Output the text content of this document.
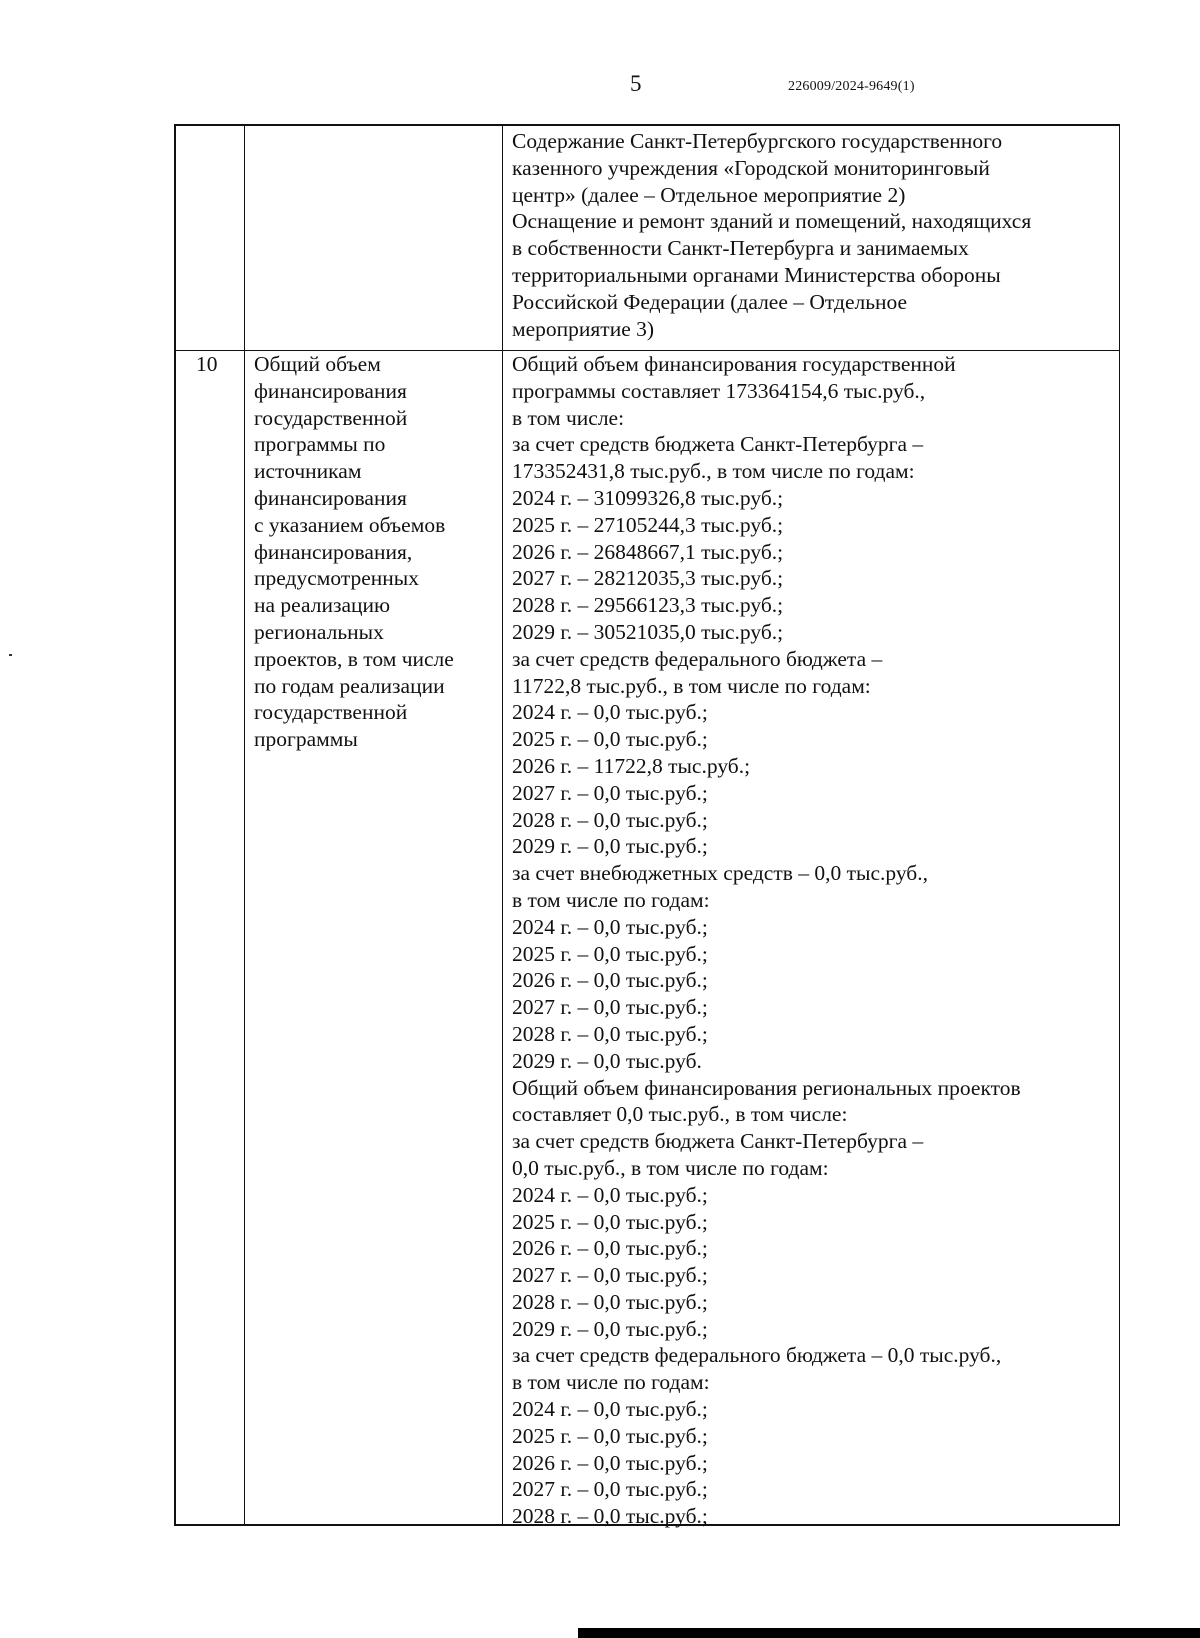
5	226009/2024-9649(1)
Содержание Санкт-Петербургского государственного
казенного учреждения «Городской мониторинговый
центр» (далее – Отдельное мероприятие 2)
Оснащение и ремонт зданий и помещений, находящихся
в собственности Санкт-Петербурга и занимаемых
территориальными органами Министерства обороны
Российской Федерации (далее – Отдельное
мероприятие 3)
10 Общий объем
финансирования
государственной
программы по
источникам
финансирования
с указанием объемов
финансирования,
предусмотренных
на реализацию
региональных
проектов, в том числе
по годам реализации
государственной
программы
Общий объем финансирования государственной
программы составляет 173364154,6 тыс.руб.,
в том числе:
за счет средств бюджета Санкт-Петербурга –
173352431,8 тыс.руб., в том числе по годам:
2024 г. – 31099326,8 тыс.руб.;
2025 г. – 27105244,3 тыс.руб.;
2026 г. – 26848667,1 тыс.руб.;
2027 г. – 28212035,3 тыс.руб.;
2028 г. – 29566123,3 тыс.руб.;
2029 г. – 30521035,0 тыс.руб.;
за счет средств федерального бюджета –
11722,8 тыс.руб., в том числе по годам:
2024 г. – 0,0 тыс.руб.;
2025 г. – 0,0 тыс.руб.;
2026 г. – 11722,8 тыс.руб.;
2027 г. – 0,0 тыс.руб.;
2028 г. – 0,0 тыс.руб.;
2029 г. – 0,0 тыс.руб.;
за счет внебюджетных средств – 0,0 тыс.руб.,
в том числе по годам:
2024 г. – 0,0 тыс.руб.;
2025 г. – 0,0 тыс.руб.;
2026 г. – 0,0 тыс.руб.;
2027 г. – 0,0 тыс.руб.;
2028 г. – 0,0 тыс.руб.;
2029 г. – 0,0 тыс.руб.
Общий объем финансирования региональных проектов
составляет 0,0 тыс.руб., в том числе:
за счет средств бюджета Санкт-Петербурга –
0,0 тыс.руб., в том числе по годам:
2024 г. – 0,0 тыс.руб.;
2025 г. – 0,0 тыс.руб.;
2026 г. – 0,0 тыс.руб.;
2027 г. – 0,0 тыс.руб.;
2028 г. – 0,0 тыс.руб.;
2029 г. – 0,0 тыс.руб.;
за счет средств федерального бюджета – 0,0 тыс.руб.,
в том числе по годам:
2024 г. – 0,0 тыс.руб.;
2025 г. – 0,0 тыс.руб.;
2026 г. – 0,0 тыс.руб.;
2027 г. – 0,0 тыс.руб.;
2028 г. – 0,0 тыс.руб.;
